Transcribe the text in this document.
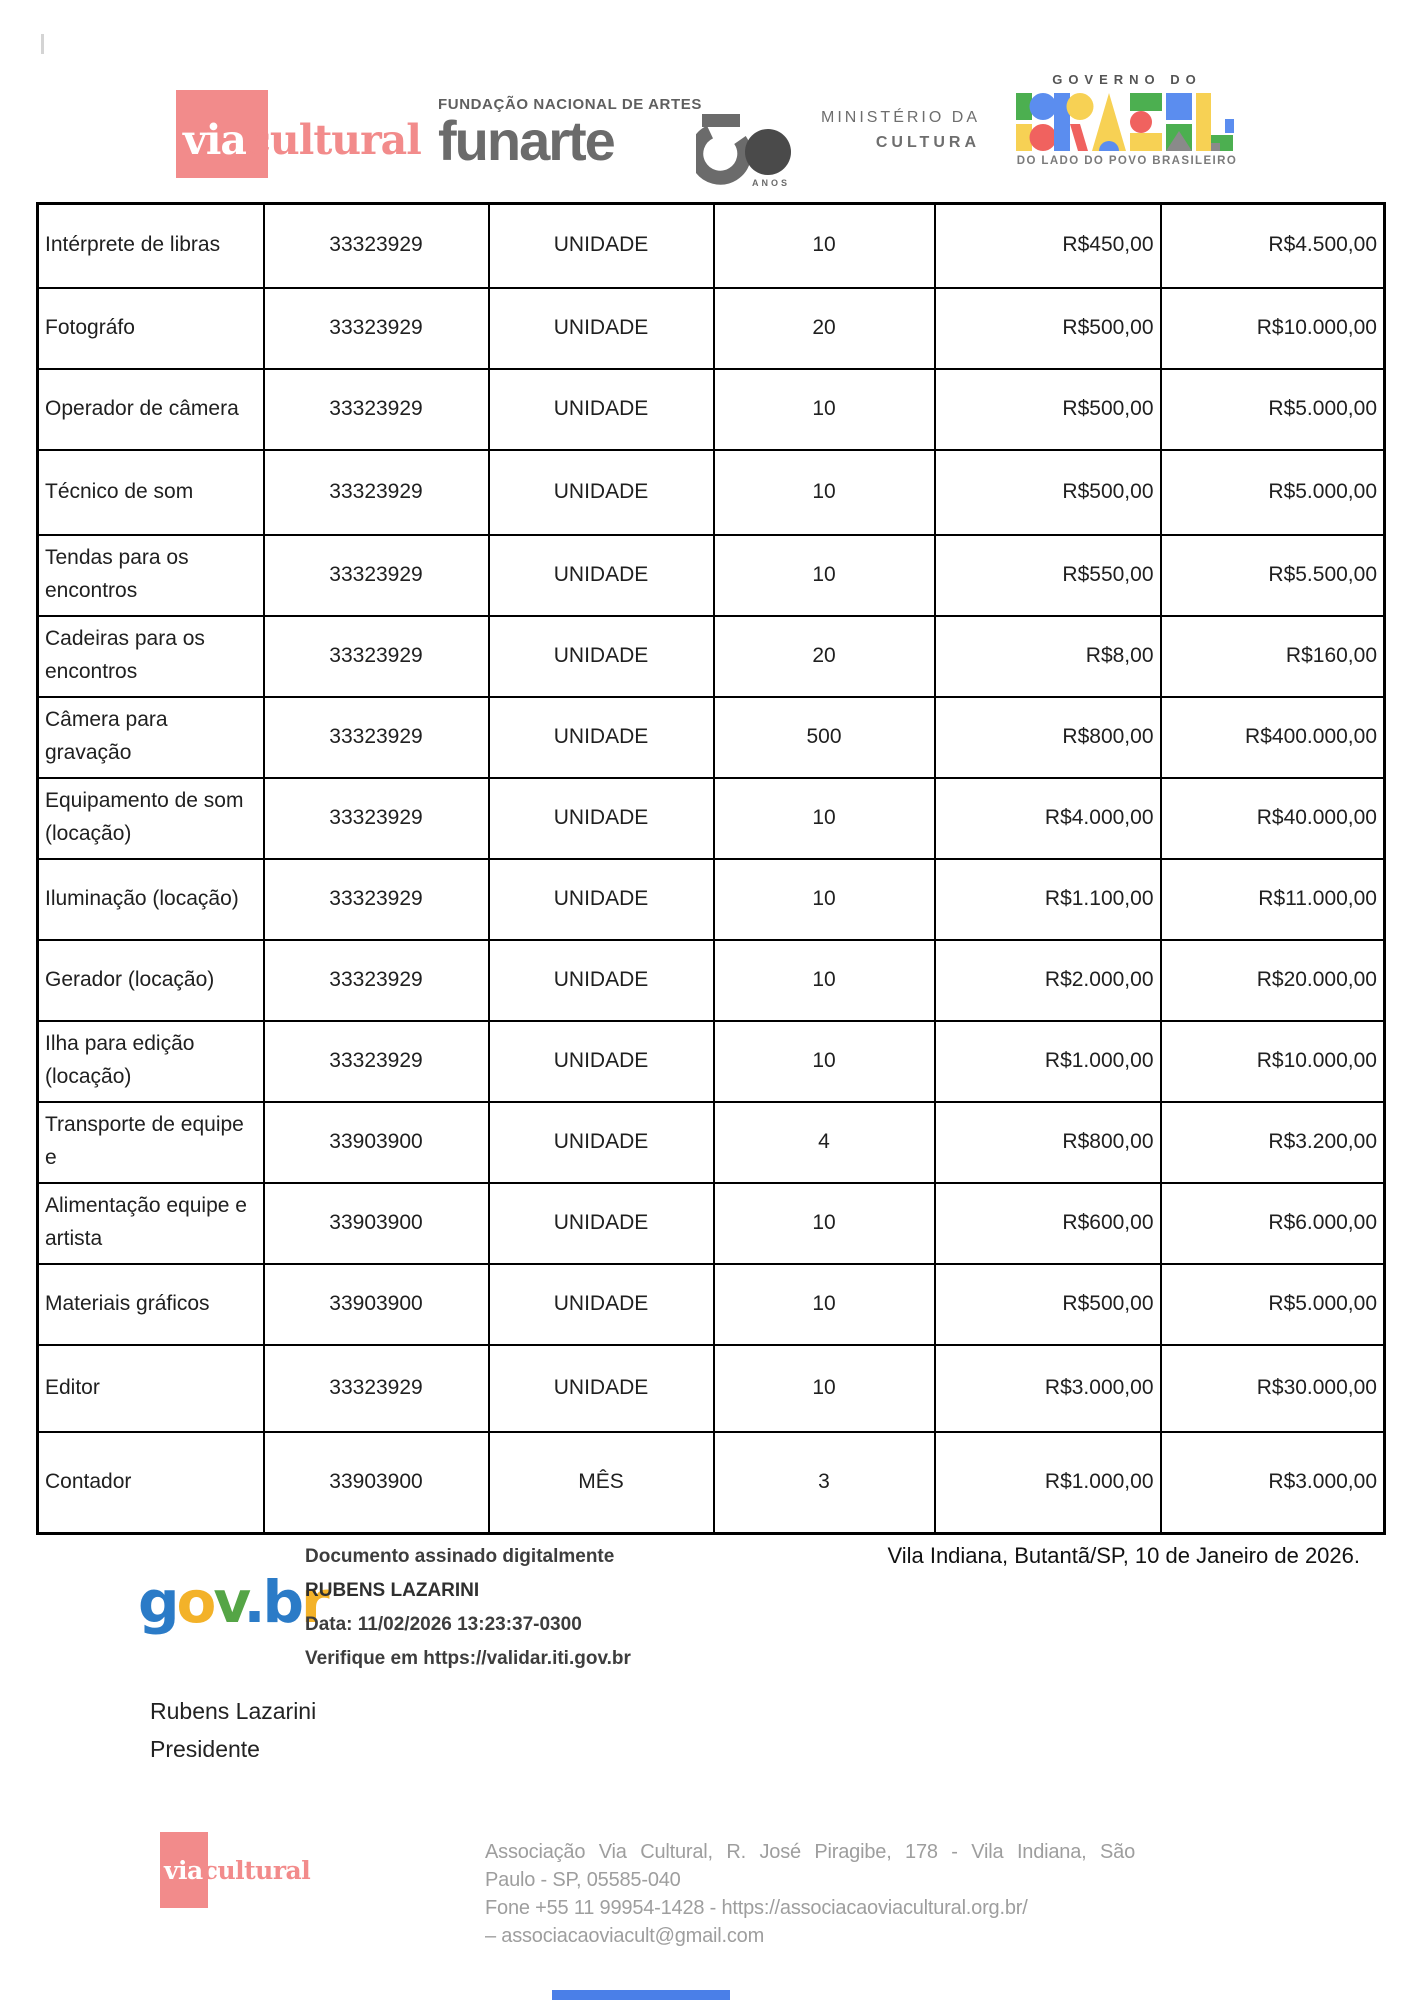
viacultural
FUNDAÇÃO NACIONAL DE ARTES
funarte
ANOS
MINISTÉRIO DA
CULTURA
GOVERNO DO
DO LADO DO POVO BRASILEIRO
Intérprete de libras	33323929	UNIDADE	10	R$450,00	R$4.500,00
Fotográfo	33323929	UNIDADE	20	R$500,00	R$10.000,00
Operador de câmera	33323929	UNIDADE	10	R$500,00	R$5.000,00
Técnico de som	33323929	UNIDADE	10	R$500,00	R$5.000,00
Tendas para os encontros	33323929	UNIDADE	10	R$550,00	R$5.500,00
Cadeiras para os encontros	33323929	UNIDADE	20	R$8,00	R$160,00
Câmera para gravação	33323929	UNIDADE	500	R$800,00	R$400.000,00
Equipamento de som (locação)	33323929	UNIDADE	10	R$4.000,00	R$40.000,00
Iluminação (locação)	33323929	UNIDADE	10	R$1.100,00	R$11.000,00
Gerador (locação)	33323929	UNIDADE	10	R$2.000,00	R$20.000,00
Ilha para edição (locação)	33323929	UNIDADE	10	R$1.000,00	R$10.000,00
Transporte de equipe e	33903900	UNIDADE	4	R$800,00	R$3.200,00
Alimentação equipe e artista	33903900	UNIDADE	10	R$600,00	R$6.000,00
Materiais gráficos	33903900	UNIDADE	10	R$500,00	R$5.000,00
Editor	33323929	UNIDADE	10	R$3.000,00	R$30.000,00
Contador	33903900	MÊS	3	R$1.000,00	R$3.000,00
gov.br
Documento assinado digitalmente
RUBENS LAZARINI
Data: 11/02/2026 13:23:37-0300
Verifique em https://validar.iti.gov.br
Vila Indiana, Butantã/SP, 10 de Janeiro de 2026.
Rubens Lazarini
Presidente
viacultural
Associação Via Cultural, R. José Piragibe, 178 - Vila Indiana, São
Paulo - SP, 05585-040
Fone +55 11 99954-1428 - https://associacaoviacultural.org.br/
– associacaoviacult@gmail.com
